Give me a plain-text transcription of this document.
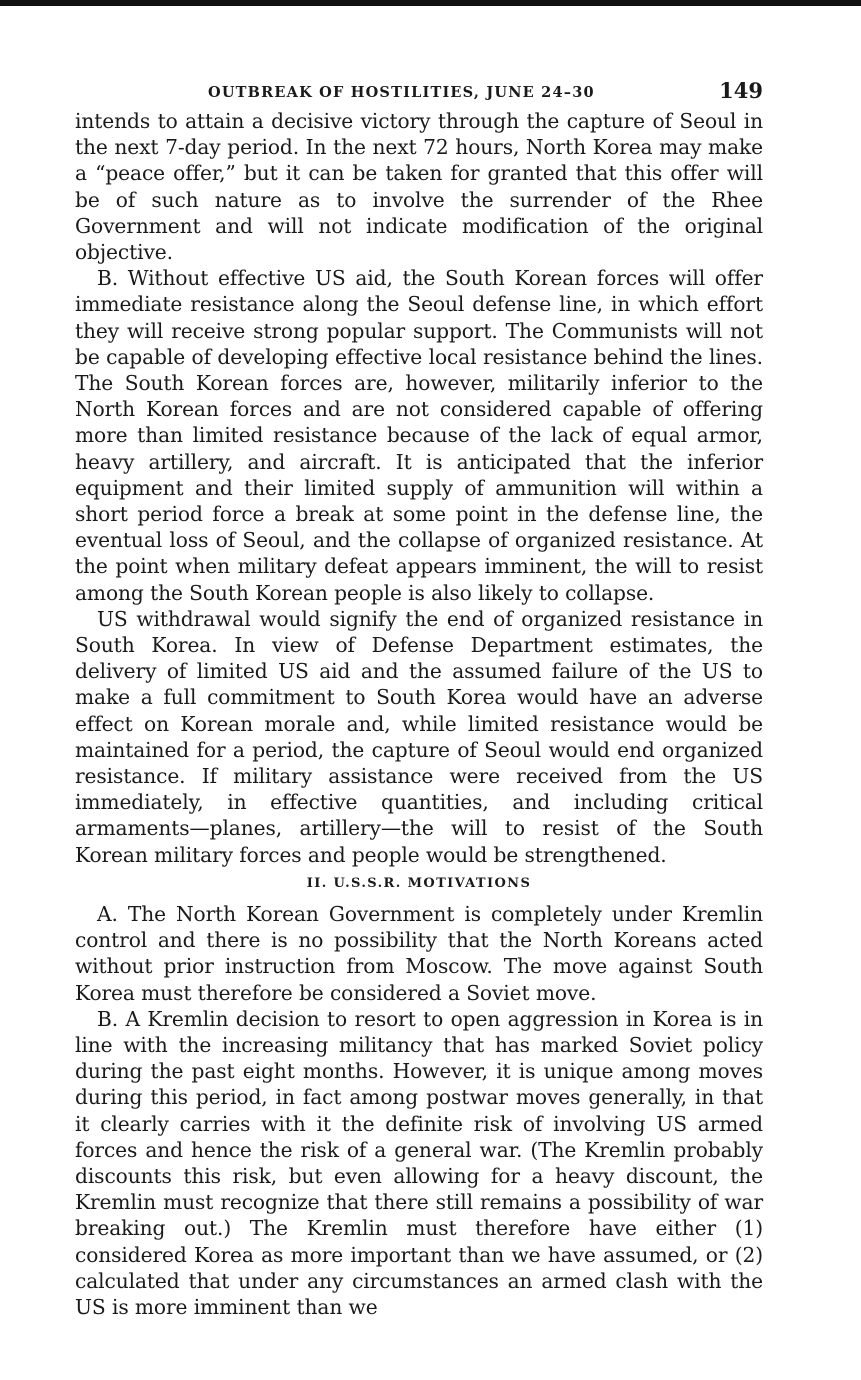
OUTBREAK OF HOSTILITIES, JUNE 24–30	149

intends to attain a decisive victory through the capture of Seoul in the next 7-day period. In the next 72 hours, North Korea may make a “peace offer,” but it can be taken for granted that this offer will be of such nature as to involve the surrender of the Rhee Government and will not indicate modification of the original objective.

B. Without effective US aid, the South Korean forces will offer immediate resistance along the Seoul defense line, in which effort they will receive strong popular support. The Communists will not be capable of developing effective local resistance behind the lines. The South Korean forces are, however, militarily inferior to the North Korean forces and are not considered capable of offering more than limited resistance because of the lack of equal armor, heavy artillery, and aircraft. It is anticipated that the inferior equipment and their limited supply of ammunition will within a short period force a break at some point in the defense line, the eventual loss of Seoul, and the collapse of organized resistance. At the point when military defeat appears imminent, the will to resist among the South Korean people is also likely to collapse.

US withdrawal would signify the end of organized resistance in South Korea. In view of Defense Department estimates, the delivery of limited US aid and the assumed failure of the US to make a full commitment to South Korea would have an adverse effect on Korean morale and, while limited resistance would be maintained for a period, the capture of Seoul would end organized resistance. If military assistance were received from the US immediately, in effective quantities, and including critical armaments—planes, artillery—the will to resist of the South Korean military forces and people would be strengthened.

II. U.S.S.R. MOTIVATIONS

A. The North Korean Government is completely under Kremlin control and there is no possibility that the North Koreans acted without prior instruction from Moscow. The move against South Korea must therefore be considered a Soviet move.

B. A Kremlin decision to resort to open aggression in Korea is in line with the increasing militancy that has marked Soviet policy during the past eight months. However, it is unique among moves during this period, in fact among postwar moves generally, in that it clearly carries with it the definite risk of involving US armed forces and hence the risk of a general war. (The Kremlin probably discounts this risk, but even allowing for a heavy discount, the Kremlin must recognize that there still remains a possibility of war breaking out.) The Kremlin must therefore have either (1) considered Korea as more important than we have assumed, or (2) calculated that under any circumstances an armed clash with the US is more imminent than we
